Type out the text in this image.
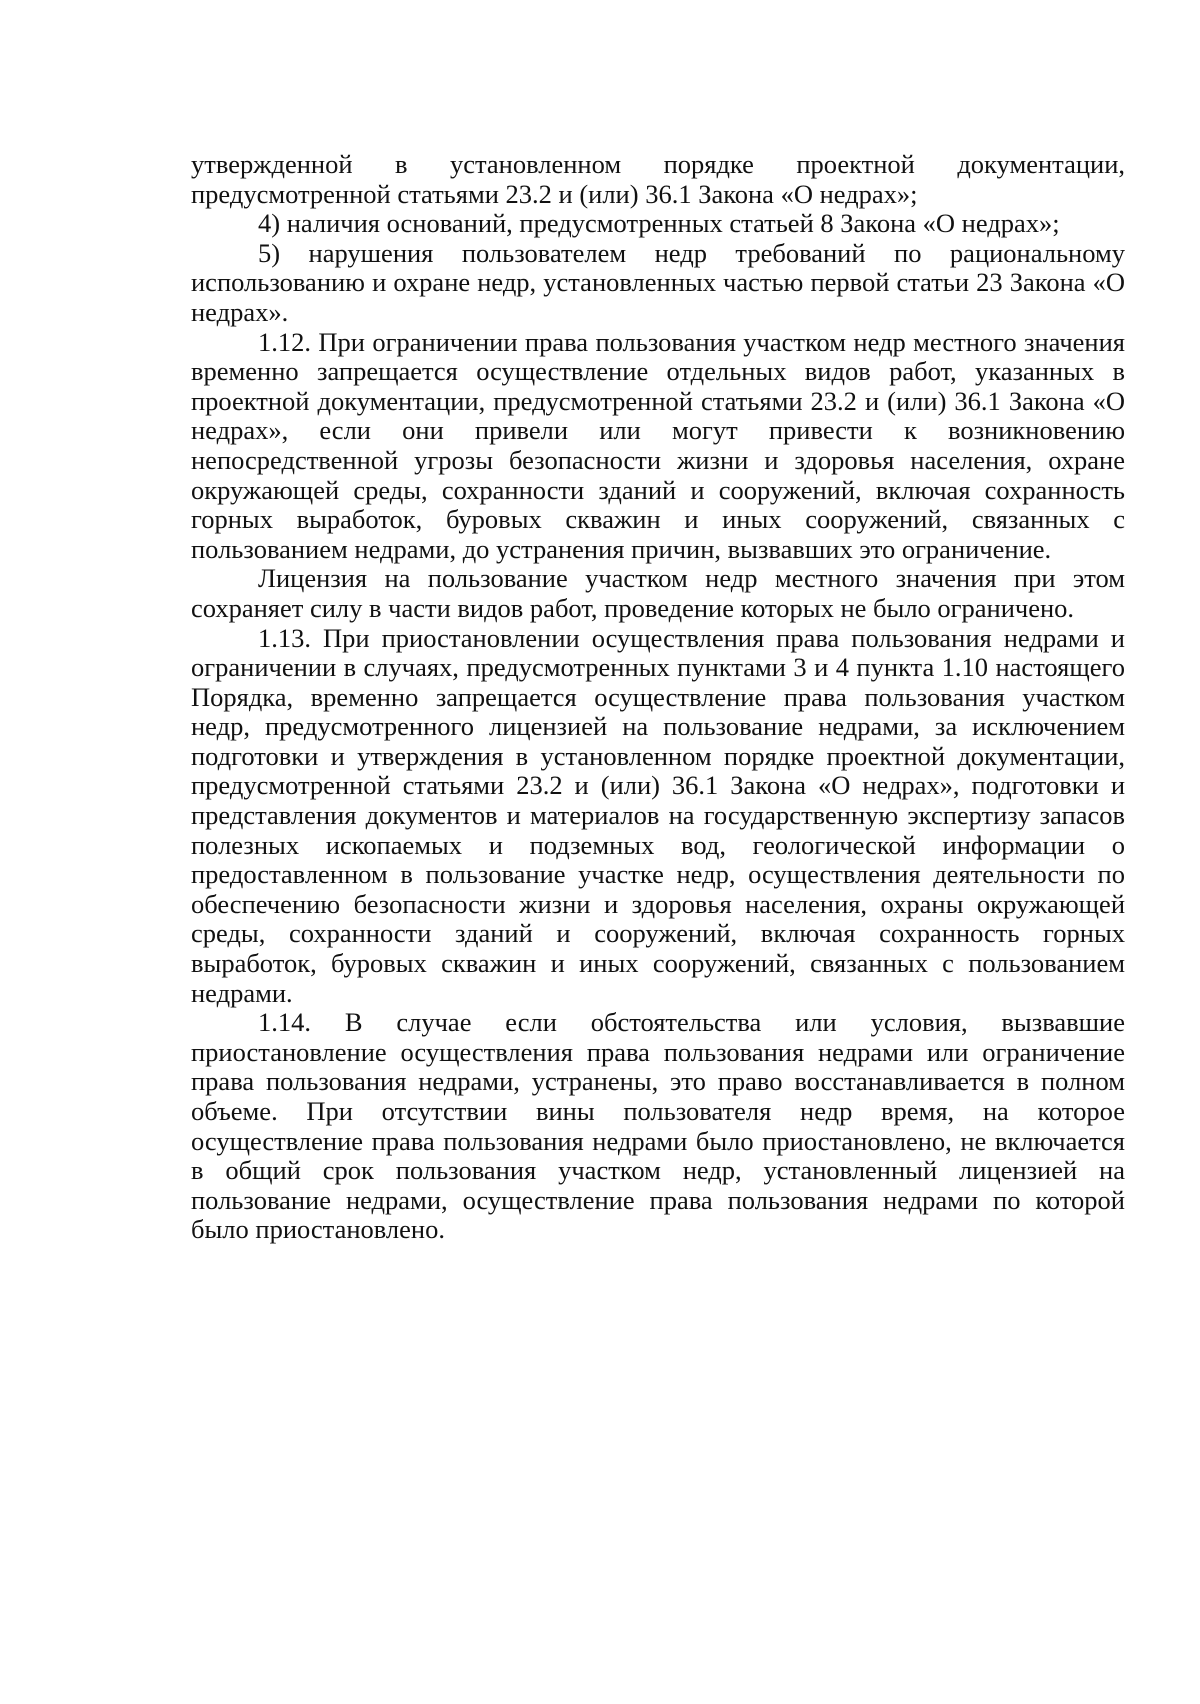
утвержденной в установленном порядке проектной документации, предусмотренной статьями 23.2 и (или) 36.1 Закона «О недрах»;

4) наличия оснований, предусмотренных статьей 8 Закона «О недрах»;

5) нарушения пользователем недр требований по рациональному использованию и охране недр, установленных частью первой статьи 23 Закона «О недрах».

1.12. При ограничении права пользования участком недр местного значения временно запрещается осуществление отдельных видов работ, указанных в проектной документации, предусмотренной статьями 23.2 и (или) 36.1 Закона «О недрах», если они привели или могут привести к возникновению непосредственной угрозы безопасности жизни и здоровья населения, охране окружающей среды, сохранности зданий и сооружений, включая сохранность горных выработок, буровых скважин и иных сооружений, связанных с пользованием недрами, до устранения причин, вызвавших это ограничение.

Лицензия на пользование участком недр местного значения при этом сохраняет силу в части видов работ, проведение которых не было ограничено.

1.13. При приостановлении осуществления права пользования недрами и ограничении в случаях, предусмотренных пунктами 3 и 4 пункта 1.10 настоящего Порядка, временно запрещается осуществление права пользования участком недр, предусмотренного лицензией на пользование недрами, за исключением подготовки и утверждения в установленном порядке проектной документации, предусмотренной статьями 23.2 и (или) 36.1 Закона «О недрах», подготовки и представления документов и материалов на государственную экспертизу запасов полезных ископаемых и подземных вод, геологической информации о предоставленном в пользование участке недр, осуществления деятельности по обеспечению безопасности жизни и здоровья населения, охраны окружающей среды, сохранности зданий и сооружений, включая сохранность горных выработок, буровых скважин и иных сооружений, связанных с пользованием недрами.

1.14. В случае если обстоятельства или условия, вызвавшие приостановление осуществления права пользования недрами или ограничение права пользования недрами, устранены, это право восстанавливается в полном объеме. При отсутствии вины пользователя недр время, на которое осуществление права пользования недрами было приостановлено, не включается в общий срок пользования участком недр, установленный лицензией на пользование недрами, осуществление права пользования недрами по которой было приостановлено.
